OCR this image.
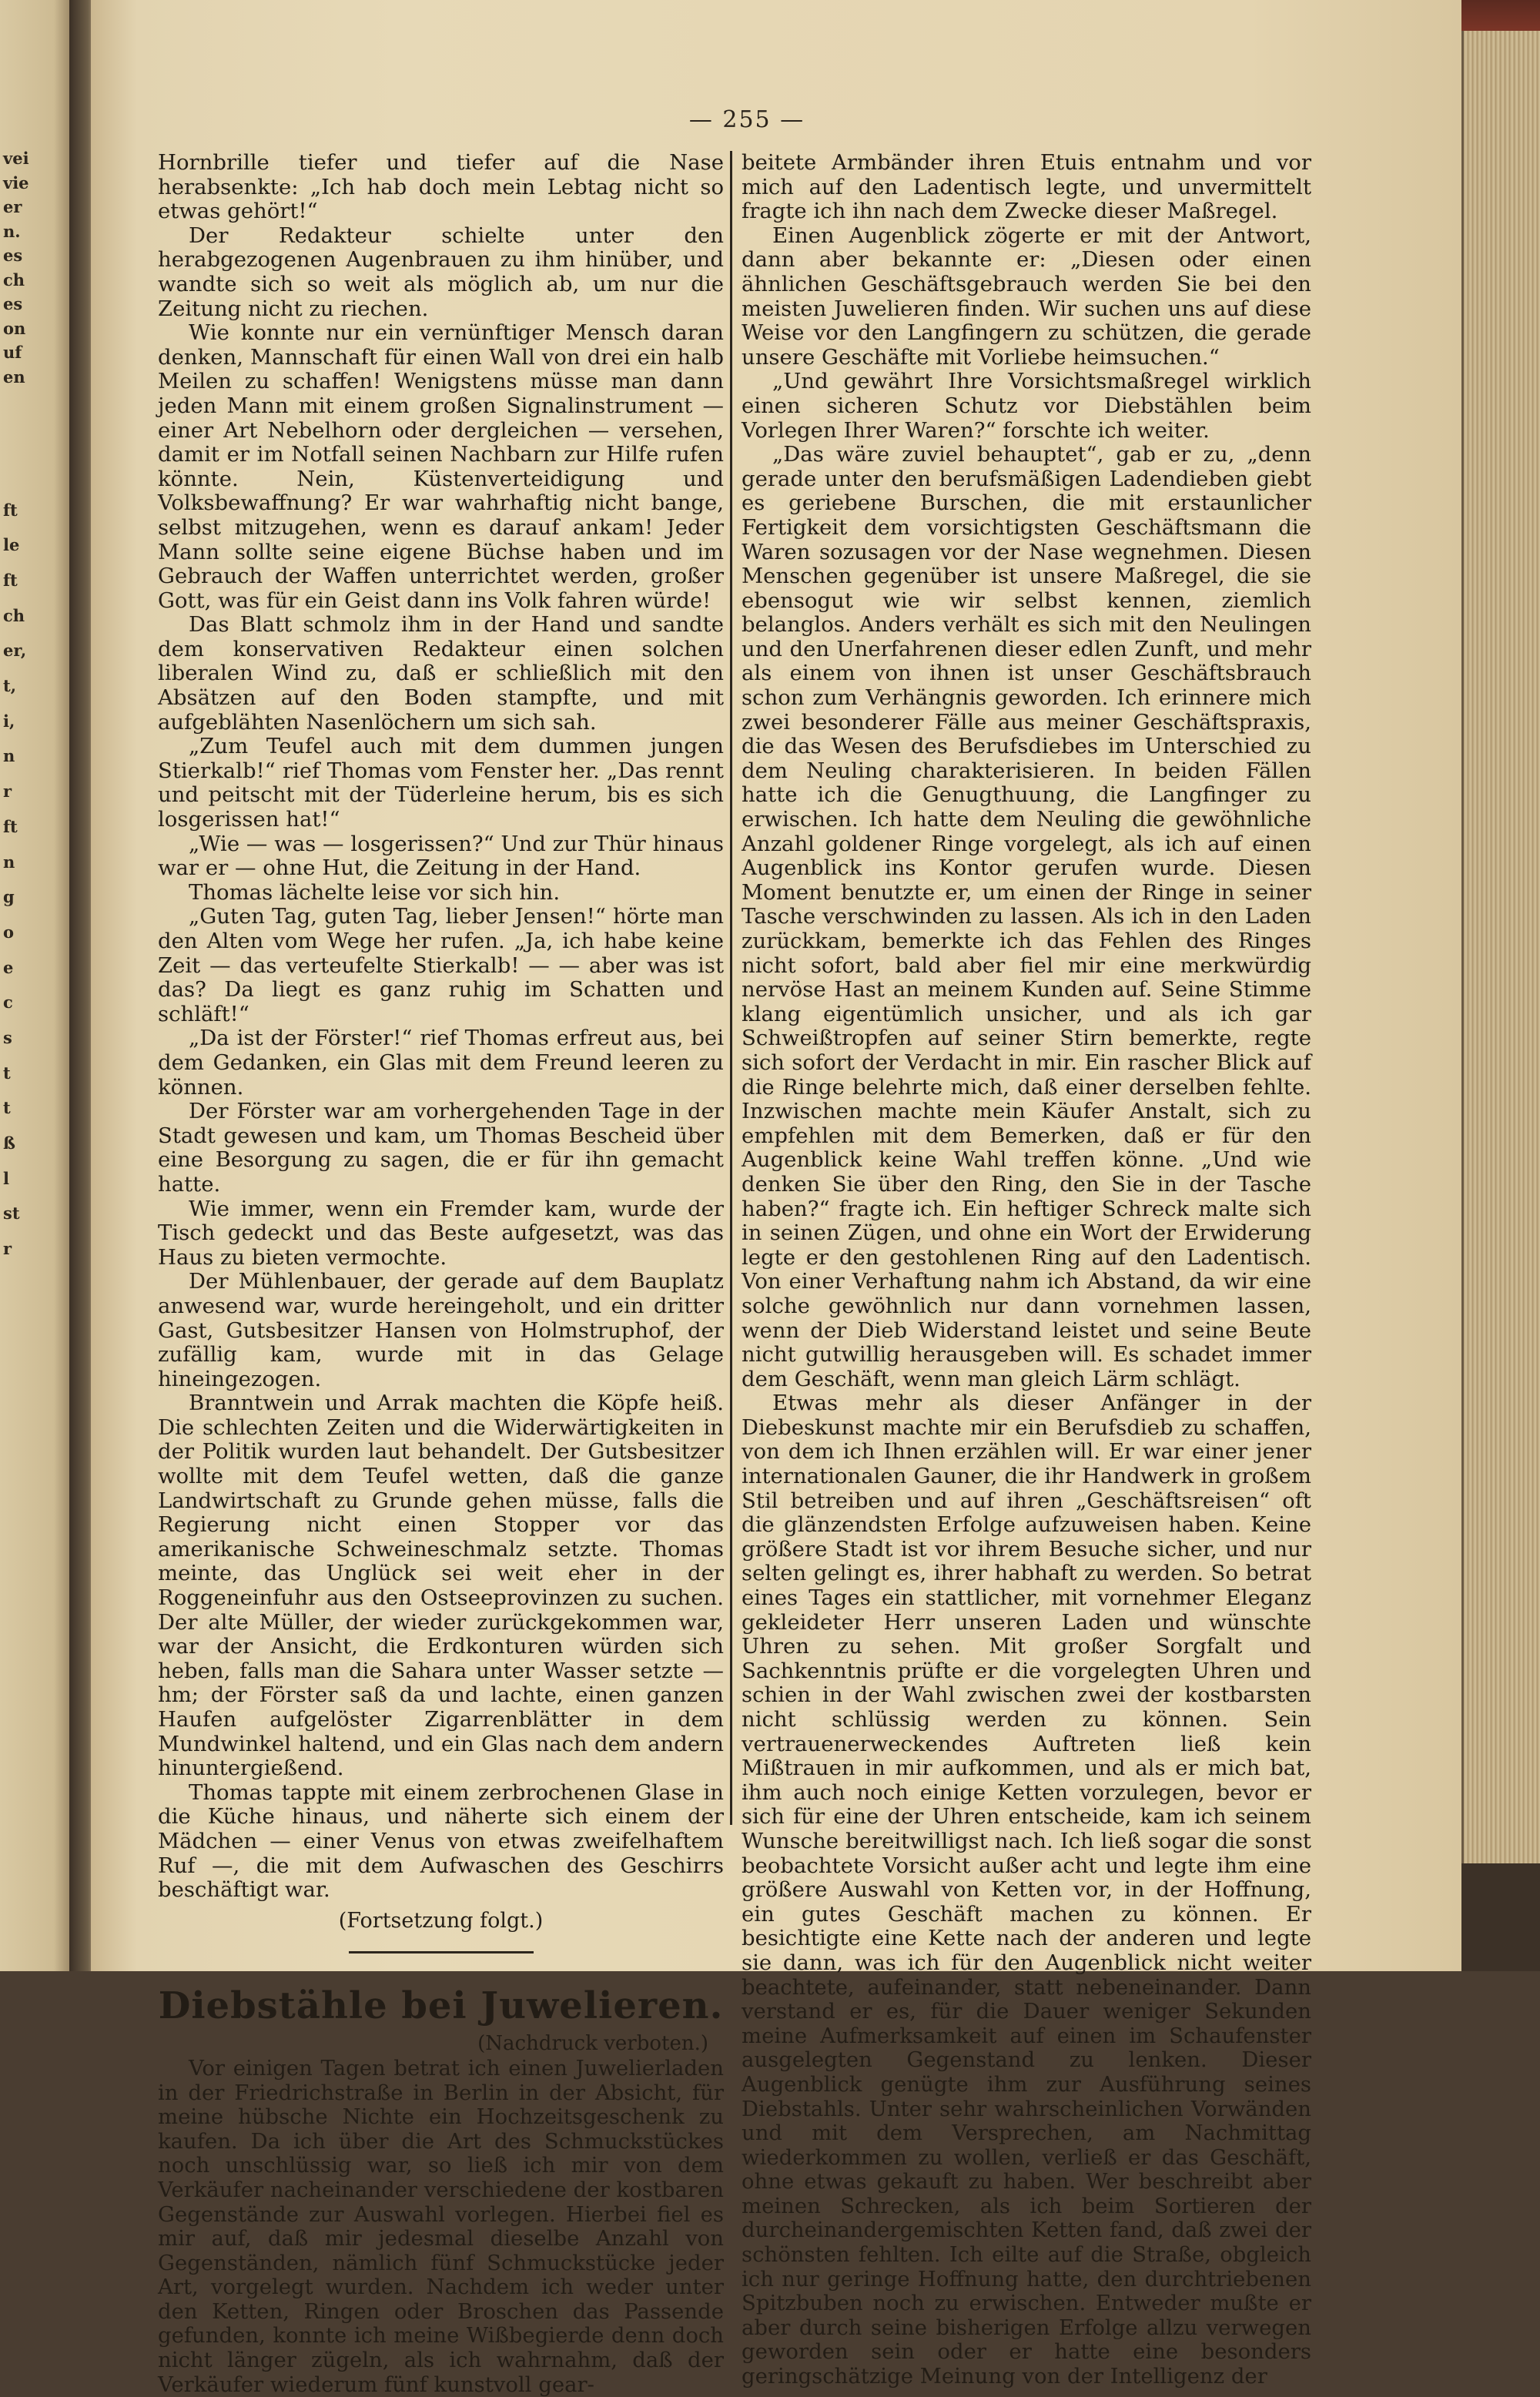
vei
vie
er
n.
es
ch
es
on
uf
en
ft
le
ft
ch
er,
t,
i,
n
r
ft
n
g
o
e
c
s
t
t
ß
l
st
r
— 255 —

Hornbrille tiefer und tiefer auf die Nase herabsenkte: „Ich hab doch mein Lebtag nicht so etwas gehört!“

Der Redakteur schielte unter den herabgezogenen Augenbrauen zu ihm hinüber, und wandte sich so weit als möglich ab, um nur die Zeitung nicht zu riechen.

Wie konnte nur ein vernünftiger Mensch daran denken, Mannschaft für einen Wall von drei ein halb Meilen zu schaffen! Wenigstens müsse man dann jeden Mann mit einem großen Signalinstrument — einer Art Nebelhorn oder dergleichen — versehen, damit er im Notfall seinen Nachbarn zur Hilfe rufen könnte. Nein, Küstenverteidigung und Volksbewaffnung? Er war wahrhaftig nicht bange, selbst mitzugehen, wenn es darauf ankam! Jeder Mann sollte seine eigene Büchse haben und im Gebrauch der Waffen unterrichtet werden, großer Gott, was für ein Geist dann ins Volk fahren würde!

Das Blatt schmolz ihm in der Hand und sandte dem konservativen Redakteur einen solchen liberalen Wind zu, daß er schließlich mit den Absätzen auf den Boden stampfte, und mit aufgeblähten Nasenlöchern um sich sah.

„Zum Teufel auch mit dem dummen jungen Stierkalb!“ rief Thomas vom Fenster her. „Das rennt und peitscht mit der Tüderleine herum, bis es sich losgerissen hat!“

„Wie — was — losgerissen?“ Und zur Thür hinaus war er — ohne Hut, die Zeitung in der Hand.

Thomas lächelte leise vor sich hin.

„Guten Tag, guten Tag, lieber Jensen!“ hörte man den Alten vom Wege her rufen. „Ja, ich habe keine Zeit — das verteufelte Stierkalb! — — aber was ist das? Da liegt es ganz ruhig im Schatten und schläft!“

„Da ist der Förster!“ rief Thomas erfreut aus, bei dem Gedanken, ein Glas mit dem Freund leeren zu können.

Der Förster war am vorhergehenden Tage in der Stadt gewesen und kam, um Thomas Bescheid über eine Besorgung zu sagen, die er für ihn gemacht hatte.

Wie immer, wenn ein Fremder kam, wurde der Tisch gedeckt und das Beste aufgesetzt, was das Haus zu bieten vermochte.

Der Mühlenbauer, der gerade auf dem Bauplatz anwesend war, wurde hereingeholt, und ein dritter Gast, Gutsbesitzer Hansen von Holmstruphof, der zufällig kam, wurde mit in das Gelage hineingezogen.

Branntwein und Arrak machten die Köpfe heiß. Die schlechten Zeiten und die Widerwärtigkeiten in der Politik wurden laut behandelt. Der Gutsbesitzer wollte mit dem Teufel wetten, daß die ganze Landwirtschaft zu Grunde gehen müsse, falls die Regierung nicht einen Stopper vor das amerikanische Schweineschmalz setzte. Thomas meinte, das Unglück sei weit eher in der Roggeneinfuhr aus den Ostseeprovinzen zu suchen. Der alte Müller, der wieder zurückgekommen war, war der Ansicht, die Erdkonturen würden sich heben, falls man die Sahara unter Wasser setzte — hm; der Förster saß da und lachte, einen ganzen Haufen aufgelöster Zigarrenblätter in dem Mundwinkel haltend, und ein Glas nach dem andern hinuntergießend.

Thomas tappte mit einem zerbrochenen Glase in die Küche hinaus, und näherte sich einem der Mädchen — einer Venus von etwas zweifelhaftem Ruf —, die mit dem Aufwaschen des Geschirrs beschäftigt war.

(Fortsetzung folgt.)

Diebstähle bei Juwelieren.

(Nachdruck verboten.)

Vor einigen Tagen betrat ich einen Juwelierladen in der Friedrichstraße in Berlin in der Absicht, für meine hübsche Nichte ein Hochzeitsgeschenk zu kaufen. Da ich über die Art des Schmuckstückes noch unschlüssig war, so ließ ich mir von dem Verkäufer nacheinander verschiedene der kostbaren Gegenstände zur Auswahl vorlegen. Hierbei fiel es mir auf, daß mir jedesmal dieselbe Anzahl von Gegenständen, nämlich fünf Schmuckstücke jeder Art, vorgelegt wurden. Nachdem ich weder unter den Ketten, Ringen oder Broschen das Passende gefunden, konnte ich meine Wißbegierde denn doch nicht länger zügeln, als ich wahrnahm, daß der Verkäufer wiederum fünf kunstvoll gear-

beitete Armbänder ihren Etuis entnahm und vor mich auf den Ladentisch legte, und unvermittelt fragte ich ihn nach dem Zwecke dieser Maßregel.

Einen Augenblick zögerte er mit der Antwort, dann aber bekannte er: „Diesen oder einen ähnlichen Geschäftsgebrauch werden Sie bei den meisten Juwelieren finden. Wir suchen uns auf diese Weise vor den Langfingern zu schützen, die gerade unsere Geschäfte mit Vorliebe heimsuchen.“

„Und gewährt Ihre Vorsichtsmaßregel wirklich einen sicheren Schutz vor Diebstählen beim Vorlegen Ihrer Waren?“ forschte ich weiter.

„Das wäre zuviel behauptet“, gab er zu, „denn gerade unter den berufsmäßigen Ladendieben giebt es geriebene Burschen, die mit erstaunlicher Fertigkeit dem vorsichtigsten Geschäftsmann die Waren sozusagen vor der Nase wegnehmen. Diesen Menschen gegenüber ist unsere Maßregel, die sie ebensogut wie wir selbst kennen, ziemlich belanglos. Anders verhält es sich mit den Neulingen und den Unerfahrenen dieser edlen Zunft, und mehr als einem von ihnen ist unser Geschäftsbrauch schon zum Verhängnis geworden. Ich erinnere mich zwei besonderer Fälle aus meiner Geschäftspraxis, die das Wesen des Berufsdiebes im Unterschied zu dem Neuling charakterisieren. In beiden Fällen hatte ich die Genugthuung, die Langfinger zu erwischen. Ich hatte dem Neuling die gewöhnliche Anzahl goldener Ringe vorgelegt, als ich auf einen Augenblick ins Kontor gerufen wurde. Diesen Moment benutzte er, um einen der Ringe in seiner Tasche verschwinden zu lassen. Als ich in den Laden zurückkam, bemerkte ich das Fehlen des Ringes nicht sofort, bald aber fiel mir eine merkwürdig nervöse Hast an meinem Kunden auf. Seine Stimme klang eigentümlich unsicher, und als ich gar Schweißtropfen auf seiner Stirn bemerkte, regte sich sofort der Verdacht in mir. Ein rascher Blick auf die Ringe belehrte mich, daß einer derselben fehlte. Inzwischen machte mein Käufer Anstalt, sich zu empfehlen mit dem Bemerken, daß er für den Augenblick keine Wahl treffen könne. „Und wie denken Sie über den Ring, den Sie in der Tasche haben?“ fragte ich. Ein heftiger Schreck malte sich in seinen Zügen, und ohne ein Wort der Erwiderung legte er den gestohlenen Ring auf den Ladentisch. Von einer Verhaftung nahm ich Abstand, da wir eine solche gewöhnlich nur dann vornehmen lassen, wenn der Dieb Widerstand leistet und seine Beute nicht gutwillig herausgeben will. Es schadet immer dem Geschäft, wenn man gleich Lärm schlägt.

Etwas mehr als dieser Anfänger in der Diebeskunst machte mir ein Berufsdieb zu schaffen, von dem ich Ihnen erzählen will. Er war einer jener internationalen Gauner, die ihr Handwerk in großem Stil betreiben und auf ihren „Geschäftsreisen“ oft die glänzendsten Erfolge aufzuweisen haben. Keine größere Stadt ist vor ihrem Besuche sicher, und nur selten gelingt es, ihrer habhaft zu werden. So betrat eines Tages ein stattlicher, mit vornehmer Eleganz gekleideter Herr unseren Laden und wünschte Uhren zu sehen. Mit großer Sorgfalt und Sachkenntnis prüfte er die vorgelegten Uhren und schien in der Wahl zwischen zwei der kostbarsten nicht schlüssig werden zu können. Sein vertrauenerweckendes Auftreten ließ kein Mißtrauen in mir aufkommen, und als er mich bat, ihm auch noch einige Ketten vorzulegen, bevor er sich für eine der Uhren entscheide, kam ich seinem Wunsche bereitwilligst nach. Ich ließ sogar die sonst beobachtete Vorsicht außer acht und legte ihm eine größere Auswahl von Ketten vor, in der Hoffnung, ein gutes Geschäft machen zu können. Er besichtigte eine Kette nach der anderen und legte sie dann, was ich für den Augenblick nicht weiter beachtete, aufeinander, statt nebeneinander. Dann verstand er es, für die Dauer weniger Sekunden meine Aufmerksamkeit auf einen im Schaufenster ausgelegten Gegenstand zu lenken. Dieser Augenblick genügte ihm zur Ausführung seines Diebstahls. Unter sehr wahrscheinlichen Vorwänden und mit dem Versprechen, am Nachmittag wiederkommen zu wollen, verließ er das Geschäft, ohne etwas gekauft zu haben. Wer beschreibt aber meinen Schrecken, als ich beim Sortieren der durcheinandergemischten Ketten fand, daß zwei der schönsten fehlten. Ich eilte auf die Straße, obgleich ich nur geringe Hoffnung hatte, den durchtriebenen Spitzbuben noch zu erwischen. Entweder mußte er aber durch seine bisherigen Erfolge allzu verwegen geworden sein oder er hatte eine besonders geringschätzige Meinung von der Intelligenz der
